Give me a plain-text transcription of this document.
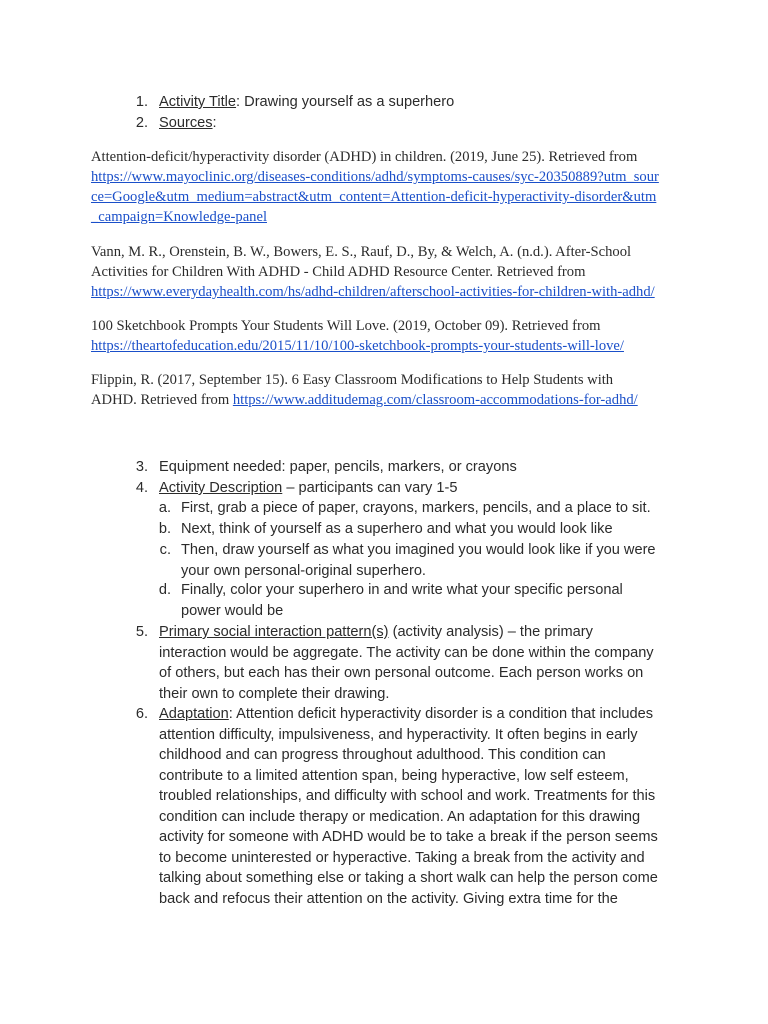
1. Activity Title: Drawing yourself as a superhero
2. Sources:
Attention-deficit/hyperactivity disorder (ADHD) in children. (2019, June 25). Retrieved from
https://www.mayoclinic.org/diseases-conditions/adhd/symptoms-causes/syc-20350889?utm_sour
ce=Google&utm_medium=abstract&utm_content=Attention-deficit-hyperactivity-disorder&utm
_campaign=Knowledge-panel
Vann, M. R., Orenstein, B. W., Bowers, E. S., Rauf, D., By, & Welch, A. (n.d.). After-School
Activities for Children With ADHD - Child ADHD Resource Center. Retrieved from
https://www.everydayhealth.com/hs/adhd-children/afterschool-activities-for-children-with-adhd/
100 Sketchbook Prompts Your Students Will Love. (2019, October 09). Retrieved from
https://theartofeducation.edu/2015/11/10/100-sketchbook-prompts-your-students-will-love/
Flippin, R. (2017, September 15). 6 Easy Classroom Modifications to Help Students with
ADHD. Retrieved from https://www.additudemag.com/classroom-accommodations-for-adhd/
3. Equipment needed: paper, pencils, markers, or crayons
4. Activity Description – participants can vary 1-5
a. First, grab a piece of paper, crayons, markers, pencils, and a place to sit.
b. Next, think of yourself as a superhero and what you would look like
c. Then, draw yourself as what you imagined you would look like if you were
your own personal-original superhero.
d. Finally, color your superhero in and write what your specific personal
power would be
5. Primary social interaction pattern(s) (activity analysis) – the primary
interaction would be aggregate. The activity can be done within the company
of others, but each has their own personal outcome. Each person works on
their own to complete their drawing.
6. Adaptation: Attention deficit hyperactivity disorder is a condition that includes
attention difficulty, impulsiveness, and hyperactivity. It often begins in early
childhood and can progress throughout adulthood. This condition can
contribute to a limited attention span, being hyperactive, low self esteem,
troubled relationships, and difficulty with school and work. Treatments for this
condition can include therapy or medication. An adaptation for this drawing
activity for someone with ADHD would be to take a break if the person seems
to become uninterested or hyperactive. Taking a break from the activity and
talking about something else or taking a short walk can help the person come
back and refocus their attention on the activity. Giving extra time for the
